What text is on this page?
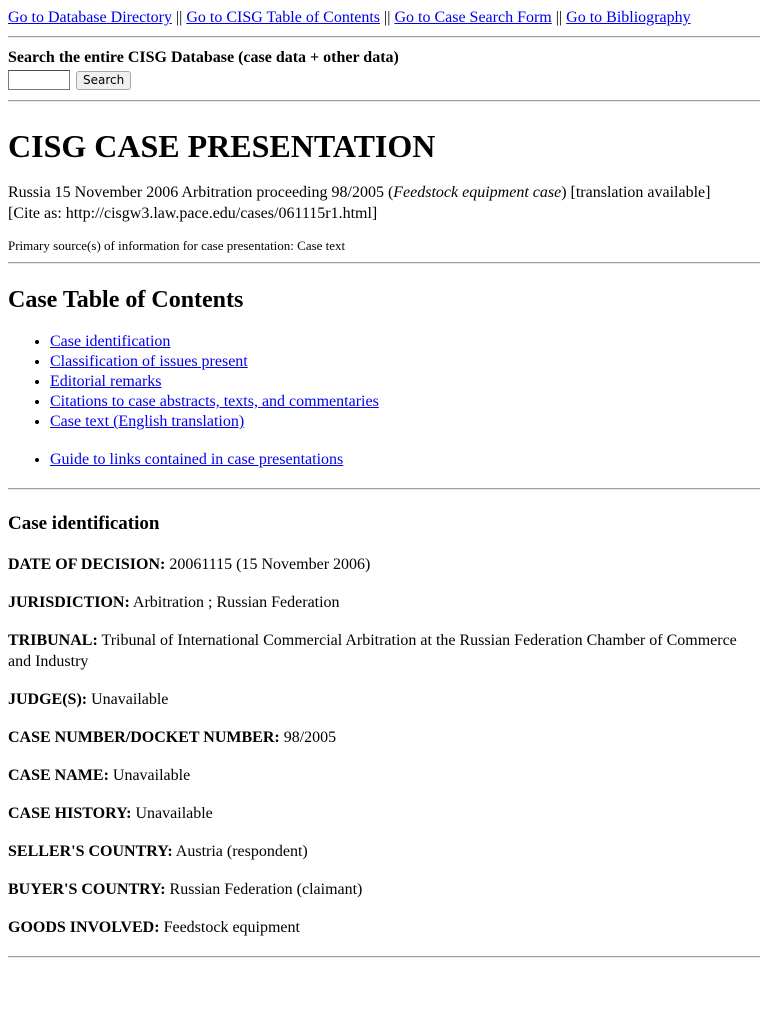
Go to Database Directory || Go to CISG Table of Contents || Go to Case Search Form || Go to Bibliography
Search the entire CISG Database (case data + other data)
Search
CISG CASE PRESENTATION
Russia 15 November 2006 Arbitration proceeding 98/2005 (Feedstock equipment case) [translation available]
[Cite as: http://cisgw3.law.pace.edu/cases/061115r1.html]
Primary source(s) of information for case presentation: Case text
Case Table of Contents
• Case identification
• Classification of issues present
• Editorial remarks
• Citations to case abstracts, texts, and commentaries
• Case text (English translation)
• Guide to links contained in case presentations
Case identification

DATE OF DECISION: 20061115 (15 November 2006)

JURISDICTION: Arbitration ; Russian Federation

TRIBUNAL: Tribunal of International Commercial Arbitration at the Russian Federation Chamber of Commerce and Industry

JUDGE(S): Unavailable

CASE NUMBER/DOCKET NUMBER: 98/2005

CASE NAME: Unavailable

CASE HISTORY: Unavailable

SELLER'S COUNTRY: Austria (respondent)

BUYER'S COUNTRY: Russian Federation (claimant)

GOODS INVOLVED: Feedstock equipment
